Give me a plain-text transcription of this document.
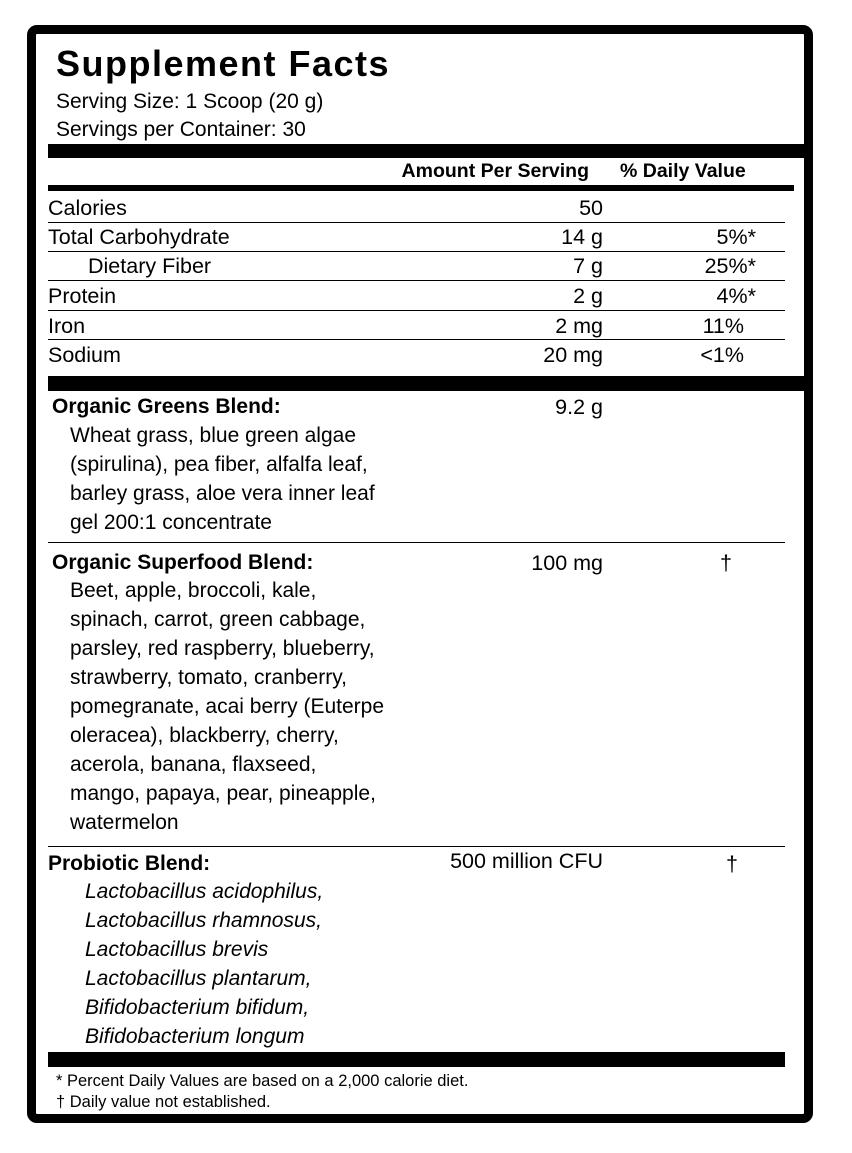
Supplement Facts
Serving Size: 1 Scoop (20 g)
Servings per Container: 30
Amount Per Serving % Daily Value
Calories	50
Total Carbohydrate	14 g	5%*
Dietary Fiber	7 g	25%*
Protein	2 g	4%*
Iron	2 mg	11%
Sodium	20 mg	<1%
Organic Greens Blend:	9.2 g
Wheat grass, blue green algae
(spirulina), pea fiber, alfalfa leaf,
barley grass, aloe vera inner leaf
gel 200:1 concentrate
Organic Superfood Blend:	100 mg	†
Beet, apple, broccoli, kale,
spinach, carrot, green cabbage,
parsley, red raspberry, blueberry,
strawberry, tomato, cranberry,
pomegranate, acai berry (Euterpe
oleracea), blackberry, cherry,
acerola, banana, flaxseed,
mango, papaya, pear, pineapple,
watermelon
Probiotic Blend:	500 million CFU	†
Lactobacillus acidophilus,
Lactobacillus rhamnosus,
Lactobacillus brevis
Lactobacillus plantarum,
Bifidobacterium bifidum,
Bifidobacterium longum
* Percent Daily Values are based on a 2,000 calorie diet.
† Daily value not established.
